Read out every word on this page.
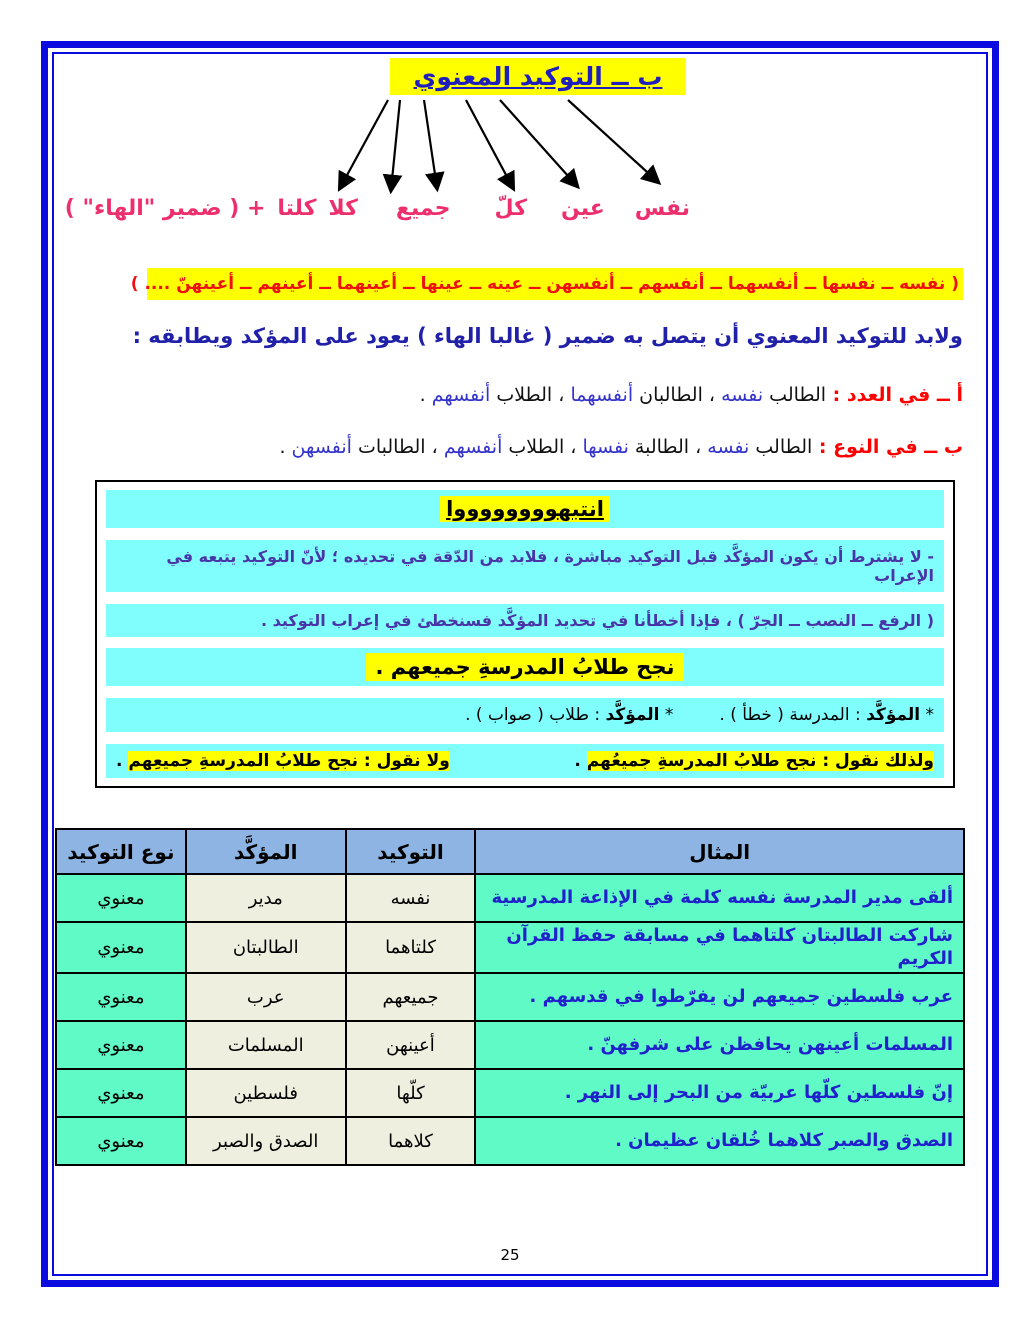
ب ــ التوكيد المعنوي
نفس
عين
كلّ
جميع
كلا
كلتا
+ ( ضمير "الهاء" )
( نفسه ــ نفسها ــ أنفسهما ــ أنفسهم ــ أنفسهن ــ عينه ــ عينها ــ أعينهما ــ أعينهم ــ أعينهنّ .... )
ولابد للتوكيد المعنوي أن يتصل به ضمير ( غالبا الهاء ) يعود على المؤكد ويطابقه :
أ ــ في العدد : الطالب نفسه ، الطالبان أنفسهما ، الطلاب أنفسهم .
ب ــ في النوع : الطالب نفسه ، الطالبة نفسها ، الطلاب أنفسهم ، الطالبات أنفسهن .
انتبهووووووووا
- لا يشترط أن يكون المؤكَّد قبل التوكيد مباشرة ، فلابد من الدّقة في تحديده ؛ لأنّ التوكيد يتبعه في الإعراب
( الرفع ــ النصب ــ الجرّ ) ، فإذا أخطأنا في تحديد المؤكَّد فسنخطئ في إعراب التوكيد .
نجح طلابُ المدرسةِ جميعهم .
* المؤكَّد : المدرسة ( خطأ ) .* المؤكَّد : طلاب ( صواب ) .
ولذلك نقول : نجح طلابُ المدرسةِ جميعُهم .
ولا نقول : نجح طلابُ المدرسةِ جميعِهم .
المثال	التوكيد	المؤكَّد	نوع التوكيد
ألقى مدير المدرسة نفسه كلمة في الإذاعة المدرسية	نفسه	مدير	معنوي
شاركت الطالبتان كلتاهما في مسابقة حفظ القرآن الكريم	كلتاهما	الطالبتان	معنوي
عرب فلسطين جميعهم لن يفرّطوا في قدسهم .	جميعهم	عرب	معنوي
المسلمات أعينهن يحافظن على شرفهنّ .	أعينهن	المسلمات	معنوي
إنّ فلسطين كلّها عربيّة من البحر إلى النهر .	كلّها	فلسطين	معنوي
الصدق والصبر كلاهما خُلقان عظيمان .	كلاهما	الصدق والصبر	معنوي
25
